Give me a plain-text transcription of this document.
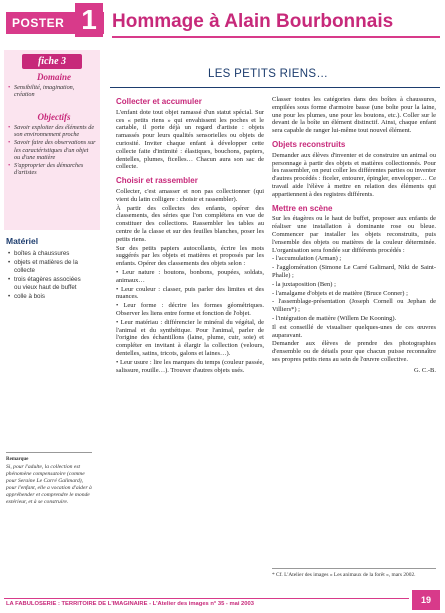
POSTER 1 Hommage à Alain Bourbonnais
fiche 3
Domaine
• Sensibilité, imagination, création
Objectifs
• Savoir exploiter des éléments de son environnement proche
• Savoir faire des observations sur les caractéristiques d'un objet ou d'une matière
• S'approprier des démarches d'artistes
Matériel
• boîtes à chaussures
• objets et matières de la collecte
• trois étagères associées ou vieux haut de buffet
• colle à bois
Remarque
Si, pour l'adulte, la collection est phénomène compensatoire (comme pour Seraine Le Carré Galimard), pour l'enfant, elle a vocation d'aider à appréhender et comprendre le monde extérieur, et à se construire.
LES PETITS RIENS…
Collecter et accumuler

L'enfant dote tout objet ramassé d'un statut spécial. Sur ces « petits riens » qui envahissent les poches et le cartable, il porte déjà un regard d'artiste : objets ramassés pour leurs qualités sensorielles ou objets de curiosité. Inviter chaque enfant à développer cette collecte faite d'intimité : élastiques, bouchons, papiers, dentelles, plumes, ficelles… Chacun aura son sac de collecte.

Choisir et rassembler

Collecter, c'est amasser et non pas collectionner (qui vient du latin colligere : choisir et rassembler).

À partir des collectes des enfants, opérer des classements, des séries que l'on complétera en vue de constituer des collections. Rassembler les tables au centre de la classe et sur des feuilles blanches, poser les petits riens.

Sur des petits papiers autocollants, écrire les mots suggérés par les objets et matières et proposés par les enfants. Opérer des classements des objets selon :

• Leur nature : boutons, bonbons, poupées, soldats, animaux…

• Leur couleur : classer, puis parler des limites et des nuances.

• Leur forme : décrire les formes géométriques. Observer les liens entre forme et fonction de l'objet.

• Leur matériau : différencier le minéral du végétal, de l'animal et du synthétique. Pour l'animal, parler de l'origine des échantillons (laine, plume, cuir, soie) et compléter en invitant à élargir la collection (velours, dentelles, satins, tricots, galons et laines…).

• Leur usure : lire les marques du temps (couleur passée, salissure, rouille…). Trouver d'autres objets usés.

Classer toutes les catégories dans des boîtes à chaussures, empilées sous forme d'armoire basse (une boîte pour la laine, une pour les plumes, une pour les boutons, etc.). Coller sur le devant de la boîte un élément distinctif. Ainsi, chaque enfant sera capable de ranger lui-même tout nouvel élément.

Objets reconstruits

Demander aux élèves d'inventer et de construire un animal ou personnage à partir des objets et matières collectionnés. Pour les rassembler, on peut coller les différentes parties ou inventer d'autres procédés : ficeler, entourer, épingler, envelopper… Ce travail aide l'élève à mettre en relation des éléments qui appartiennent à des registres différents.

Mettre en scène

Sur les étagères ou le haut de buffet, proposer aux enfants de réaliser une installation à dominante rose ou bleue. Commencer par installer les objets reconstruits, puis l'ensemble des objets ou matières de la couleur déterminée. L'organisation sera fondée sur différents procédés :

- l'accumulation (Arman) ;

- l'agglomération (Simone Le Carré Galimard, Niki de Saint-Phalle) ;

- la juxtaposition (Ben) ;

- l'amalgame d'objets et de matière (Bruce Conner) ;

- l'assemblage-présentation (Joseph Cornell ou Jephan de Villiers*) ;

- l'intégration de matière (Willem De Kooning).

Il est conseillé de visualiser quelques-unes de ces œuvres auparavant.

Demander aux élèves de prendre des photographies d'ensemble ou de détails pour que chacun puisse reconnaître ses propres petits riens au sein de l'œuvre collective.

G. C.-B.

* Cf. L'Atelier des images « Les animaux de la forêt », mars 2002.
LA FABULOSERIE : TERRITOIRE DE L'IMAGINAIRE - L'Atelier des images n° 35 - mai 2003	19
